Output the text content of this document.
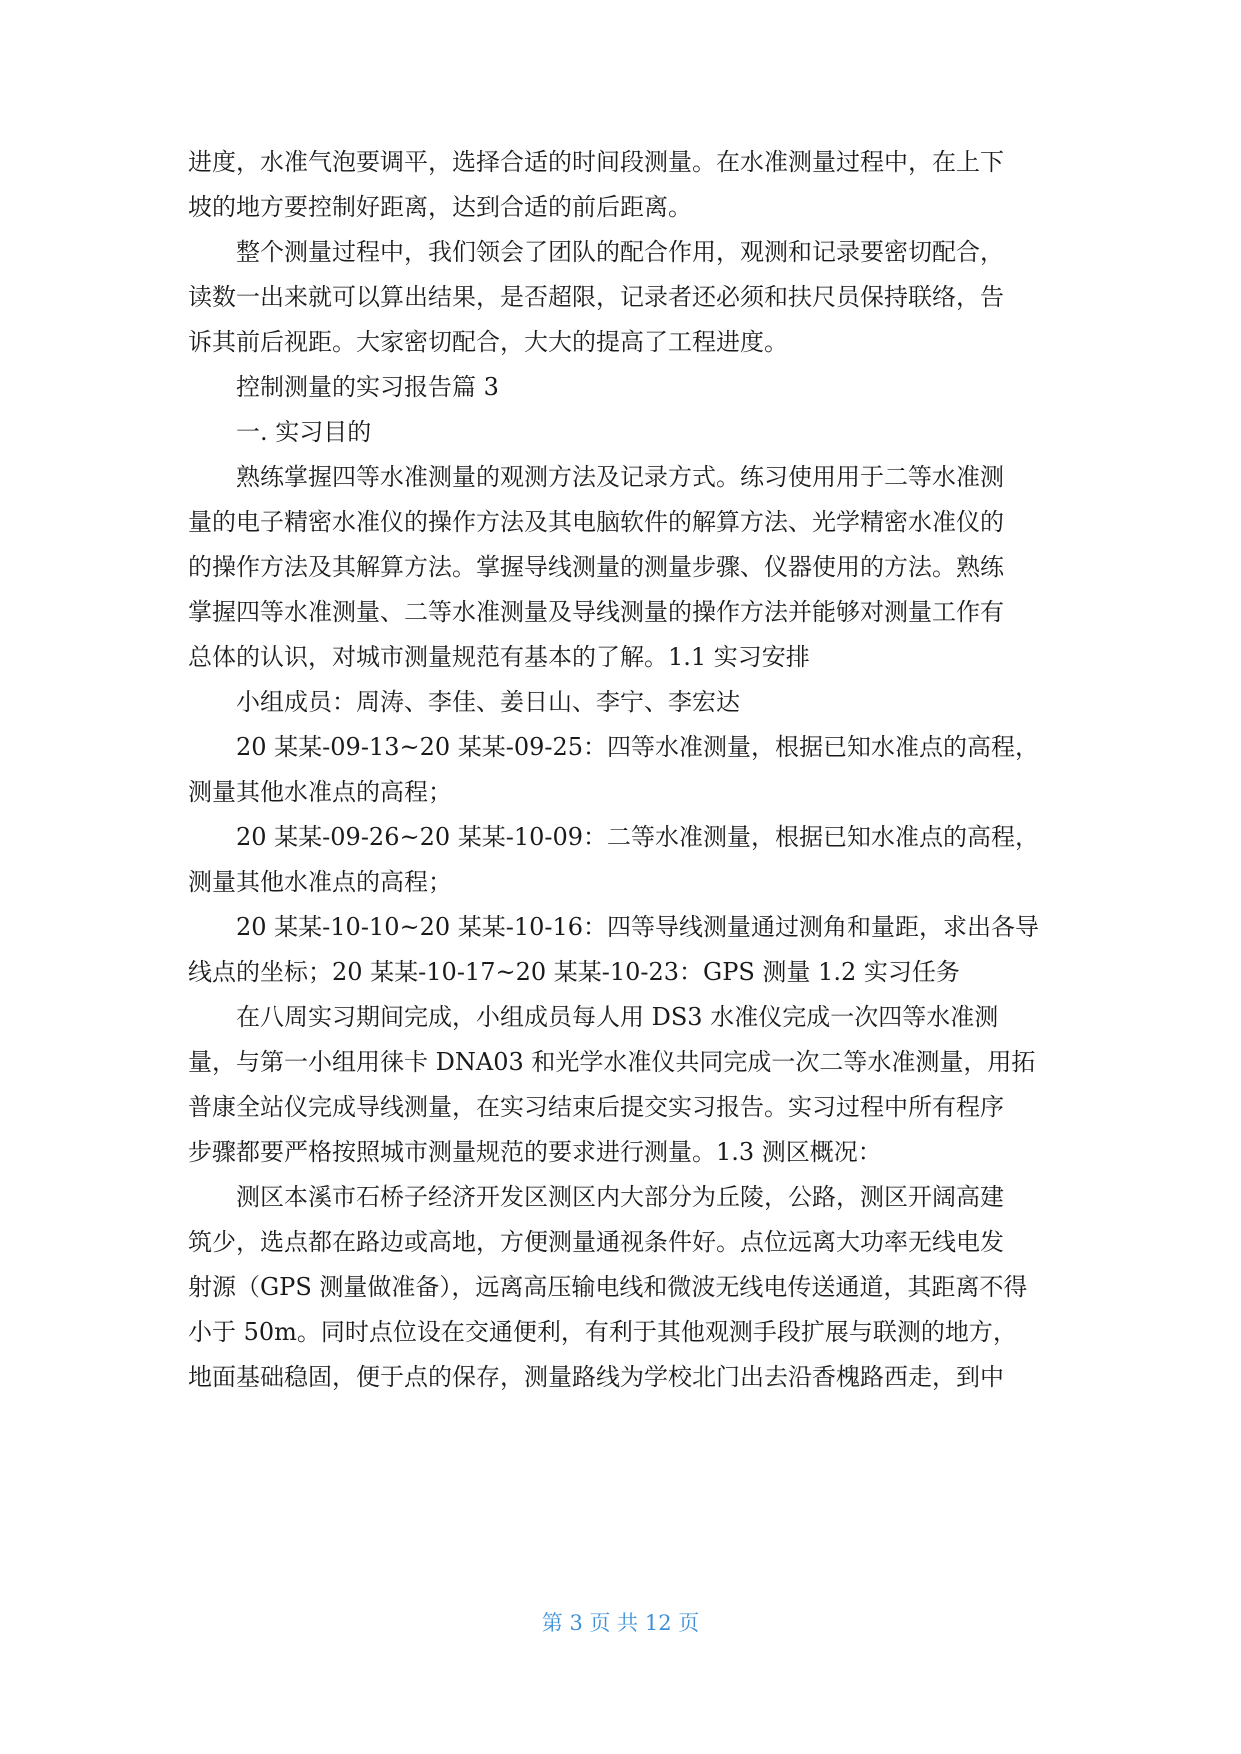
进度，水准气泡要调平，选择合适的时间段测量。在水准测量过程中，在上下
坡的地方要控制好距离，达到合适的前后距离。
整个测量过程中，我们领会了团队的配合作用，观测和记录要密切配合，
读数一出来就可以算出结果，是否超限，记录者还必须和扶尺员保持联络，告
诉其前后视距。大家密切配合，大大的提高了工程进度。
控制测量的实习报告篇 3
一. 实习目的
熟练掌握四等水准测量的观测方法及记录方式。练习使用用于二等水准测
量的电子精密水准仪的操作方法及其电脑软件的解算方法、光学精密水准仪的
的操作方法及其解算方法。掌握导线测量的测量步骤、仪器使用的方法。熟练
掌握四等水准测量、二等水准测量及导线测量的操作方法并能够对测量工作有
总体的认识，对城市测量规范有基本的了解。1.1 实习安排
小组成员：周涛、李佳、姜日山、李宁、李宏达
20 某某-09-13~20 某某-09-25：四等水准测量，根据已知水准点的高程，
测量其他水准点的高程；
20 某某-09-26~20 某某-10-09：二等水准测量，根据已知水准点的高程，
测量其他水准点的高程；
20 某某-10-10~20 某某-10-16：四等导线测量通过测角和量距，求出各导
线点的坐标；20 某某-10-17~20 某某-10-23：GPS 测量 1.2 实习任务
在八周实习期间完成，小组成员每人用 DS3 水准仪完成一次四等水准测
量，与第一小组用徕卡 DNA03 和光学水准仪共同完成一次二等水准测量，用拓
普康全站仪完成导线测量，在实习结束后提交实习报告。实习过程中所有程序
步骤都要严格按照城市测量规范的要求进行测量。1.3 测区概况：
测区本溪市石桥子经济开发区测区内大部分为丘陵，公路，测区开阔高建
筑少，选点都在路边或高地，方便测量通视条件好。点位远离大功率无线电发
射源（GPS 测量做准备），远离高压输电线和微波无线电传送通道，其距离不得
小于 50m。同时点位设在交通便利，有利于其他观测手段扩展与联测的地方，
地面基础稳固，便于点的保存，测量路线为学校北门出去沿香槐路西走，到中
第 3 页 共 12 页
